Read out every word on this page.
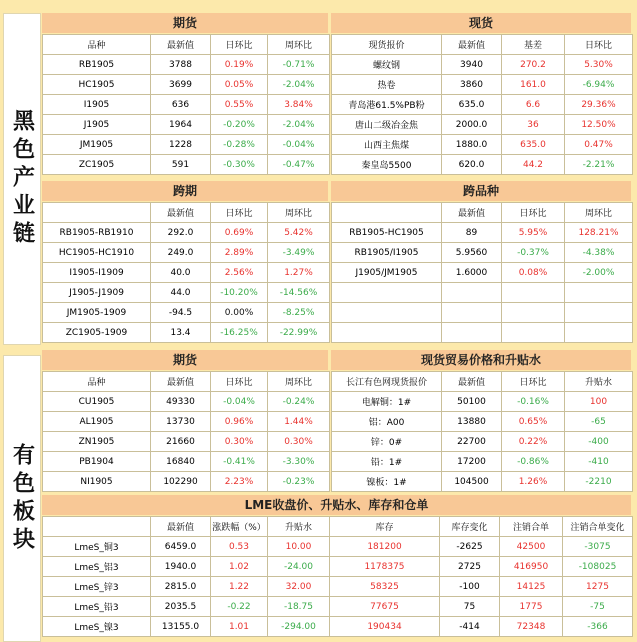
黑色产业链
有色板块
期货
品种	最新值	日环比	周环比
RB1905	3788	0.19%	-0.71%
HC1905	3699	0.05%	-2.04%
I1905	636	0.55%	3.84%
J1905	1964	-0.20%	-2.04%
JM1905	1228	-0.28%	-0.04%
ZC1905	591	-0.30%	-0.47%
现货
现货报价	最新值	基差	日环比
螺纹钢	3940	270.2	5.30%
热卷	3860	161.0	-6.94%
青岛港61.5%PB粉	635.0	6.6	29.36%
唐山二级冶金焦	2000.0	36	12.50%
山西主焦煤	1880.0	635.0	0.47%
秦皇岛5500	620.0	44.2	-2.21%
跨期
	最新值	日环比	周环比
RB1905-RB1910	292.0	0.69%	5.42%
HC1905-HC1910	249.0	2.89%	-3.49%
I1905-I1909	40.0	2.56%	1.27%
J1905-J1909	44.0	-10.20%	-14.56%
JM1905-1909	-94.5	0.00%	-8.25%
ZC1905-1909	13.4	-16.25%	-22.99%
跨品种
	最新值	日环比	周环比
RB1905-HC1905	89	5.95%	128.21%
RB1905/I1905	5.9560	-0.37%	-4.38%
J1905/JM1905	1.6000	0.08%	-2.00%

期货
品种	最新值	日环比	周环比
CU1905	49330	-0.04%	-0.24%
AL1905	13730	0.96%	1.44%
ZN1905	21660	0.30%	0.30%
PB1904	16840	-0.41%	-3.30%
NI1905	102290	2.23%	-0.23%
现货贸易价格和升贴水
长江有色网现货报价	最新值	日环比	升贴水
电解铜：1#	50100	-0.16%	100
铝：A00	13880	0.65%	-65
锌：0#	22700	0.22%	-400
铅：1#	17200	-0.86%	-410
镍板：1#	104500	1.26%	-2210
LME收盘价、升贴水、库存和仓单
	最新值	涨跌幅（%）	升贴水	库存	库存变化	注销合单	注销合单变化
LmeS_铜3	6459.0	0.53	10.00	181200	-2625	42500	-3075
LmeS_铝3	1940.0	1.02	-24.00	1178375	2725	416950	-108025
LmeS_锌3	2815.0	1.22	32.00	58325	-100	14125	1275
LmeS_铅3	2035.5	-0.22	-18.75	77675	75	1775	-75
LmeS_镍3	13155.0	1.01	-294.00	190434	-414	72348	-366
